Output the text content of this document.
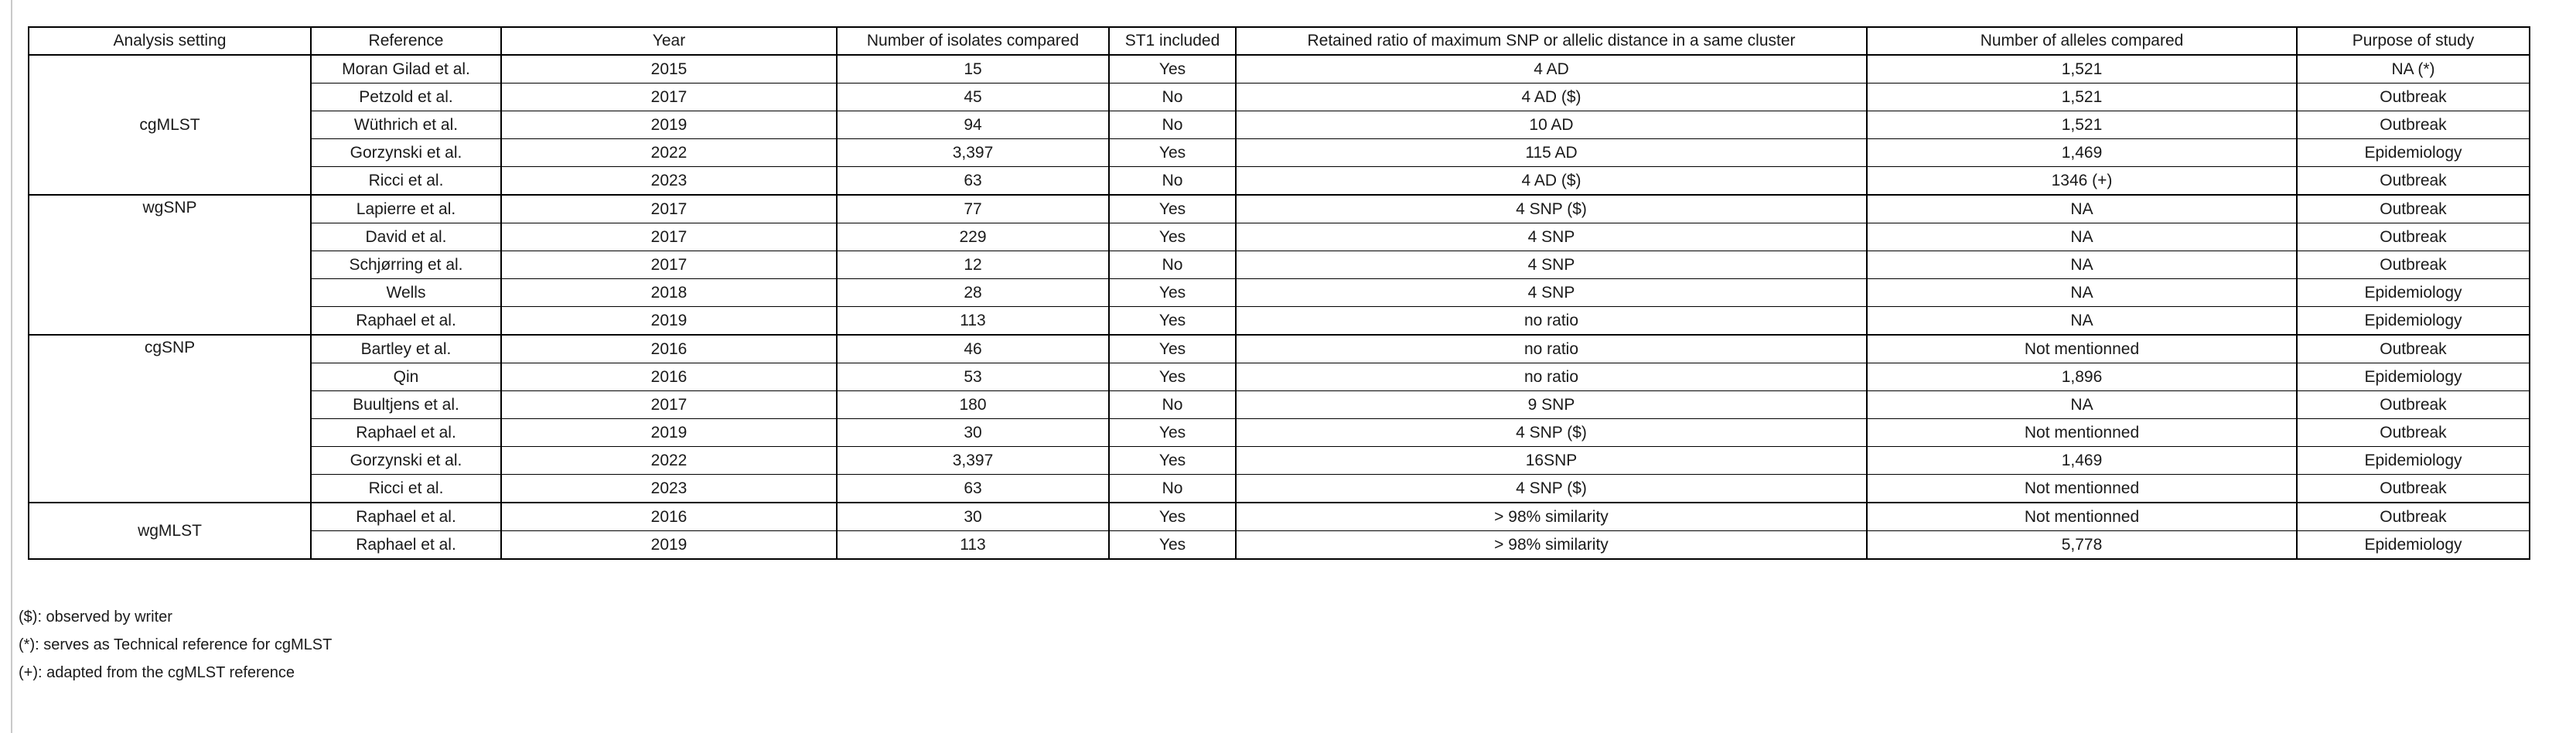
Analysis setting	Reference	Year	Number of isolates compared	ST1 included	Retained ratio of maximum SNP or allelic distance in a same cluster	Number of alleles compared	Purpose of study
cgMLST	Moran Gilad et al.	2015	15	Yes	4 AD	1,521	NA (*)
	Petzold et al.	2017	45	No	4 AD ($)	1,521	Outbreak
	Wüthrich et al.	2019	94	No	10 AD	1,521	Outbreak
	Gorzynski et al.	2022	3,397	Yes	115 AD	1,469	Epidemiology
	Ricci et al.	2023	63	No	4 AD ($)	1346 (+)	Outbreak
wgSNP	Lapierre et al.	2017	77	Yes	4 SNP ($)	NA	Outbreak
	David et al.	2017	229	Yes	4 SNP	NA	Outbreak
	Schjørring et al.	2017	12	No	4 SNP	NA	Outbreak
	Wells	2018	28	Yes	4 SNP	NA	Epidemiology
	Raphael et al.	2019	113	Yes	no ratio	NA	Epidemiology
cgSNP	Bartley et al.	2016	46	Yes	no ratio	Not mentionned	Outbreak
	Qin	2016	53	Yes	no ratio	1,896	Epidemiology
	Buultjens et al.	2017	180	No	9 SNP	NA	Outbreak
	Raphael et al.	2019	30	Yes	4 SNP ($)	Not mentionned	Outbreak
	Gorzynski et al.	2022	3,397	Yes	16SNP	1,469	Epidemiology
	Ricci et al.	2023	63	No	4 SNP ($)	Not mentionned	Outbreak
wgMLST	Raphael et al.	2016	30	Yes	> 98% similarity	Not mentionned	Outbreak
	Raphael et al.	2019	113	Yes	> 98% similarity	5,778	Epidemiology
($): observed by writer
(*): serves as Technical reference for cgMLST
(+): adapted from the cgMLST reference
